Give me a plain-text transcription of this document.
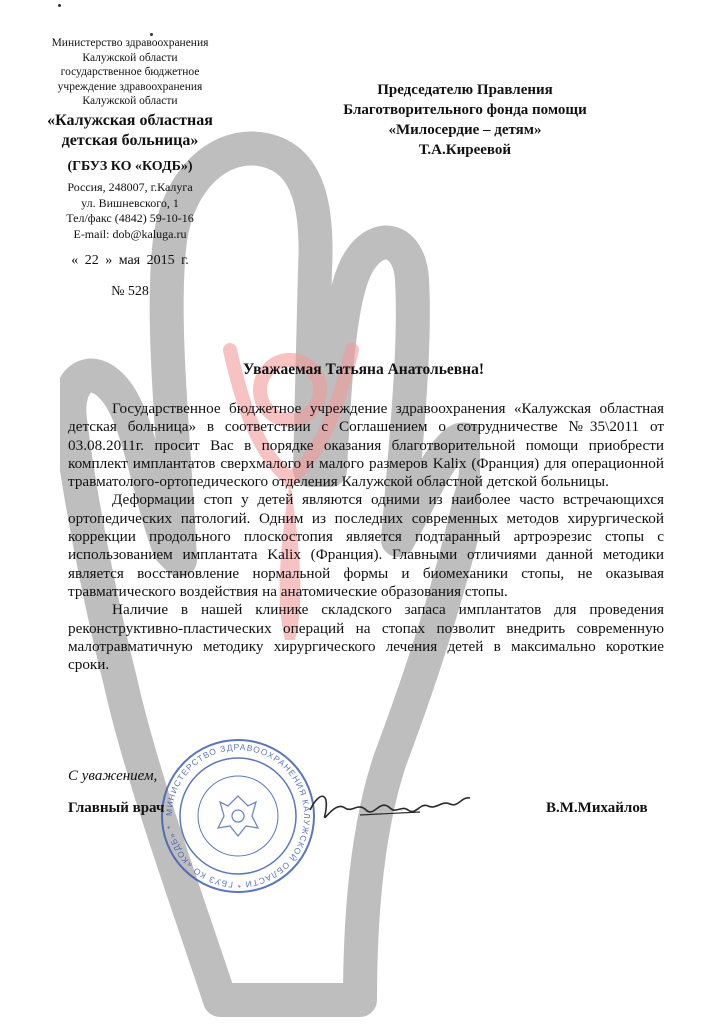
Министерство здравоохранения
Калужской области
государственное бюджетное
учреждение здравоохранения
Калужской области
«Калужская областная
детская больница»
(ГБУЗ КО «КОДБ»)
Россия, 248007, г.Калуга
ул. Вишневского, 1
Тел/факс (4842) 59-10-16
E-mail: dob@kaluga.ru
« 22 » мая 2015 г.
№ 528
Председателю Правления
Благотворительного фонда помощи
«Милосердие – детям»
Т.А.Киреевой
Уважаемая Татьяна Анатольевна!

Государственное бюджетное учреждение здравоохранения «Калужская областная детская больница» в соответствии с Соглашением о сотрудничестве №35\2011 от 03.08.2011г. просит Вас в порядке оказания благотворительной помощи приобрести комплект имплантатов сверхмалого и малого размеров Kalix (Франция) для операционной травматолого-ортопедического отделения Калужской областной детской больницы.

Деформации стоп у детей являются одними из наиболее часто встречающихся ортопедических патологий. Одним из последних современных методов хирургической коррекции продольного плоскостопия является подтаранный артроэрезис стопы с использованием имплантата Kalix (Франция). Главными отличиями данной методики является восстановление нормальной формы и биомеханики стопы, не оказывая травматического воздействия на анатомические образования стопы.

Наличие в нашей клинике складского запаса имплантатов для проведения реконструктивно-пластических операций на стопах позволит внедрить современную малотравматичную методику хирургического лечения детей в максимально короткие сроки.

МИНИСТЕРСТВО ЗДРАВООХРАНЕНИЯ КАЛУЖСКОЙ ОБЛАСТИ * ГБУЗ КО «КОДБ» *
С уважением,
Главный врач	В.М.Михайлов
